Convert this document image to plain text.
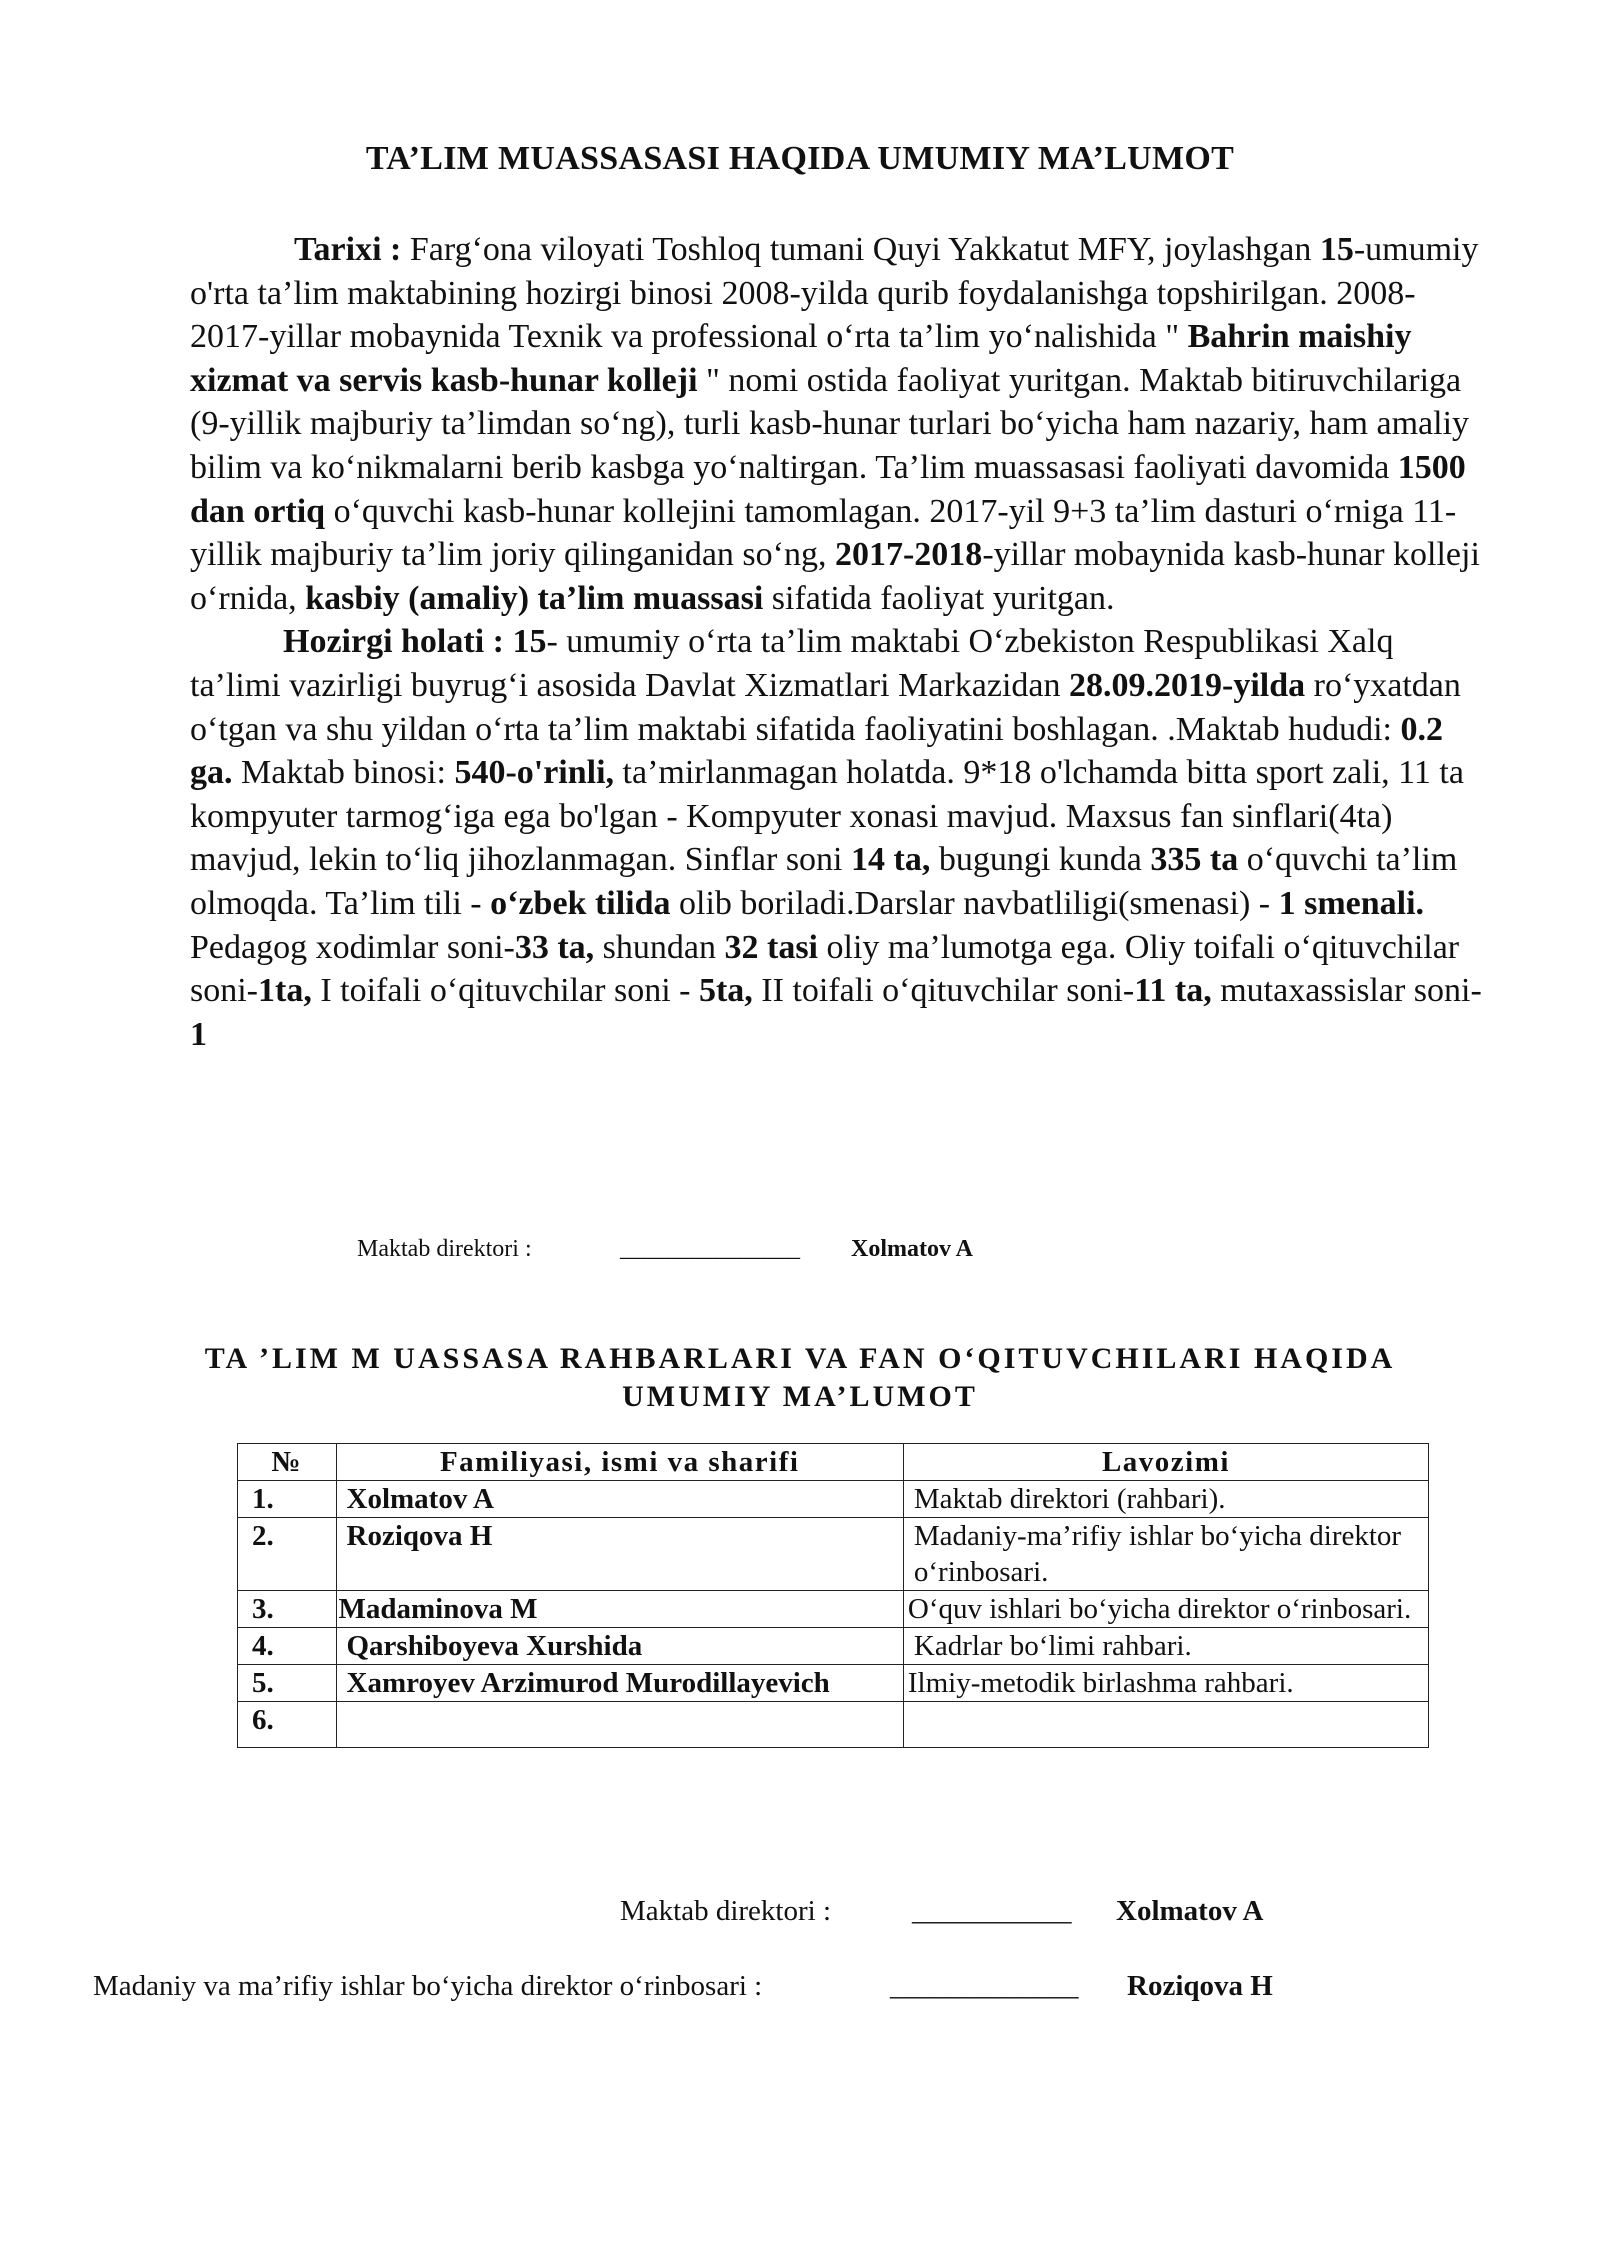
TA’LIM MUASSASASI HAQIDA UMUMIY MA’LUMOT

Tarixi : Farg‘ona viloyati Toshloq tumani Quyi Yakkatut MFY, joylashgan 15-umumiy o'rta ta’lim maktabining hozirgi binosi 2008-yilda qurib foydalanishga topshirilgan. 2008-2017-yillar mobaynida Texnik va professional o‘rta ta’lim yo‘nalishida " Bahrin maishiy xizmat va servis kasb-hunar kolleji " nomi ostida faoliyat yuritgan. Maktab bitiruvchilariga (9-yillik majburiy ta’limdan so‘ng), turli kasb-hunar turlari bo‘yicha ham nazariy, ham amaliy bilim va ko‘nikmalarni berib kasbga yo‘naltirgan. Ta’lim muassasasi faoliyati davomida 1500 dan ortiq o‘quvchi kasb-hunar kollejini tamomlagan. 2017-yil 9+3 ta’lim dasturi o‘rniga 11-yillik majburiy ta’lim joriy qilinganidan so‘ng, 2017-2018-yillar mobaynida kasb-hunar kolleji o‘rnida, kasbiy (amaliy) ta’lim muassasi sifatida faoliyat yuritgan.

Hozirgi holati : 15- umumiy o‘rta ta’lim maktabi O‘zbekiston Respublikasi Xalq ta’limi vazirligi buyrug‘i asosida Davlat Xizmatlari Markazidan 28.09.2019-yilda ro‘yxatdan o‘tgan va shu yildan o‘rta ta’lim maktabi sifatida faoliyatini boshlagan. .Maktab hududi: 0.2 ga. Maktab binosi: 540-o'rinli, ta’mirlanmagan holatda. 9*18 o'lchamda bitta sport zali, 11 ta kompyuter tarmog‘iga ega bo'lgan - Kompyuter xonasi mavjud. Maxsus fan sinflari(4ta) mavjud, lekin to‘liq jihozlanmagan. Sinflar soni 14 ta, bugungi kunda 335 ta o‘quvchi ta’lim olmoqda. Ta’lim tili - o‘zbek tilida olib boriladi.Darslar navbatliligi(smenasi) - 1 smenali. Pedagog xodimlar soni-33 ta, shundan 32 tasi oliy ma’lumotga ega. Oliy toifali o‘qituvchilar soni-1ta, I toifali o‘qituvchilar soni - 5ta, II toifali o‘qituvchilar soni-11 ta, mutaxassislar soni-1

Maktab direktori :	_______________ Xolmatov A
TA ’LIM M UASSASA RAHBARLARI VA FAN O‘QITUVCHILARI HAQIDA
UMUMIY MA’LUMOT
№	Familiyasi, ismi va sharifi	Lavozimi
1.	Xolmatov A	Maktab direktori (rahbari).
2.	Roziqova H	Madaniy-ma’rifiy ishlar bo‘yicha direktor o‘rinbosari.
3.	Madaminova M	O‘quv ishlari bo‘yicha direktor o‘rinbosari.
4.	Qarshiboyeva Xurshida	Kadrlar bo‘limi rahbari.
5.	Xamroyev Arzimurod Murodillayevich	Ilmiy-metodik birlashma rahbari.
6.		
Maktab direktori :	___________ Xolmatov A
Madaniy va ma’rifiy ishlar bo‘yicha direktor o‘rinbosari :	_____________ Roziqova H
